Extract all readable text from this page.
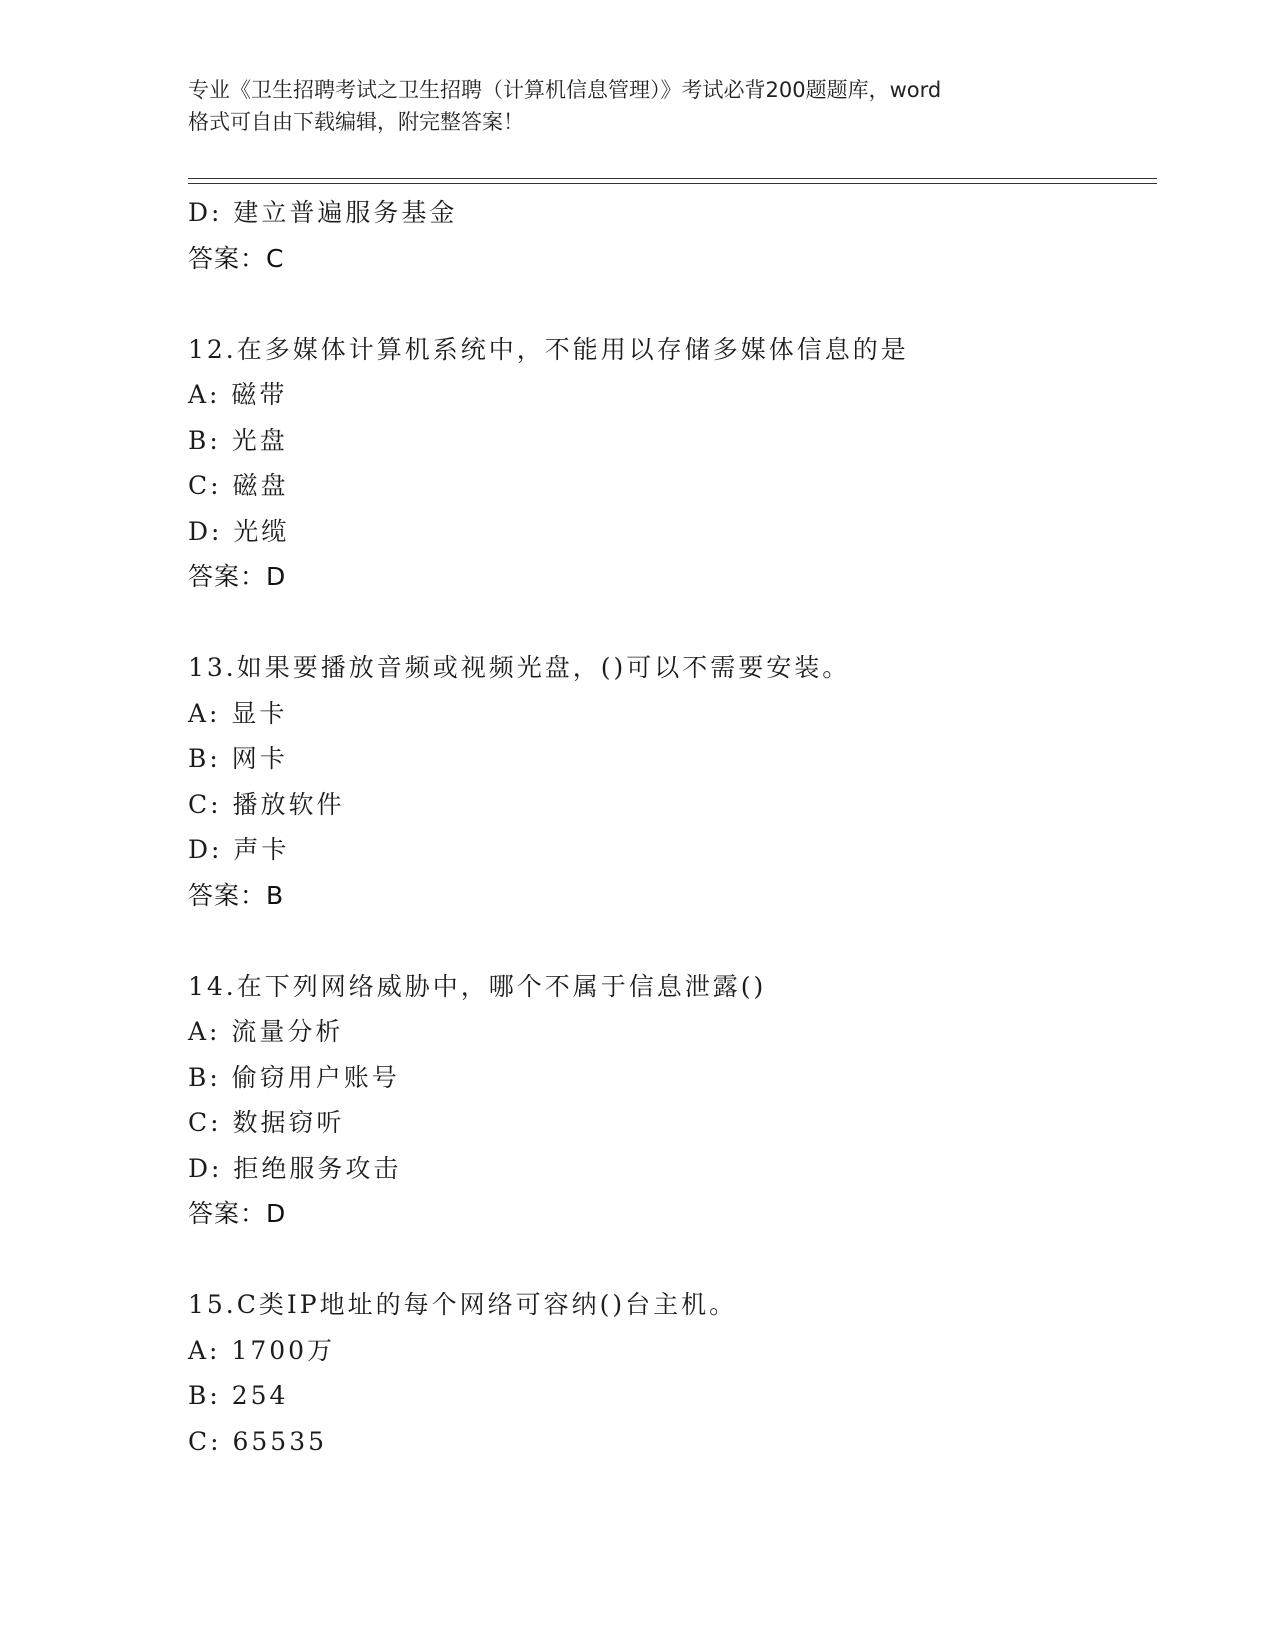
专业《卫生招聘考试之卫生招聘（计算机信息管理）》考试必背200题题库，word
格式可自由下载编辑，附完整答案！
D: 建立普遍服务基金
答案：C
12.在多媒体计算机系统中，不能用以存储多媒体信息的是
A: 磁带
B: 光盘
C: 磁盘
D: 光缆
答案：D
13.如果要播放音频或视频光盘，()可以不需要安装。
A: 显卡
B: 网卡
C: 播放软件
D: 声卡
答案：B
14.在下列网络威胁中，哪个不属于信息泄露()
A: 流量分析
B: 偷窃用户账号
C: 数据窃听
D: 拒绝服务攻击
答案：D
15.C类IP地址的每个网络可容纳()台主机。
A: 1700万
B: 254
C: 65535
